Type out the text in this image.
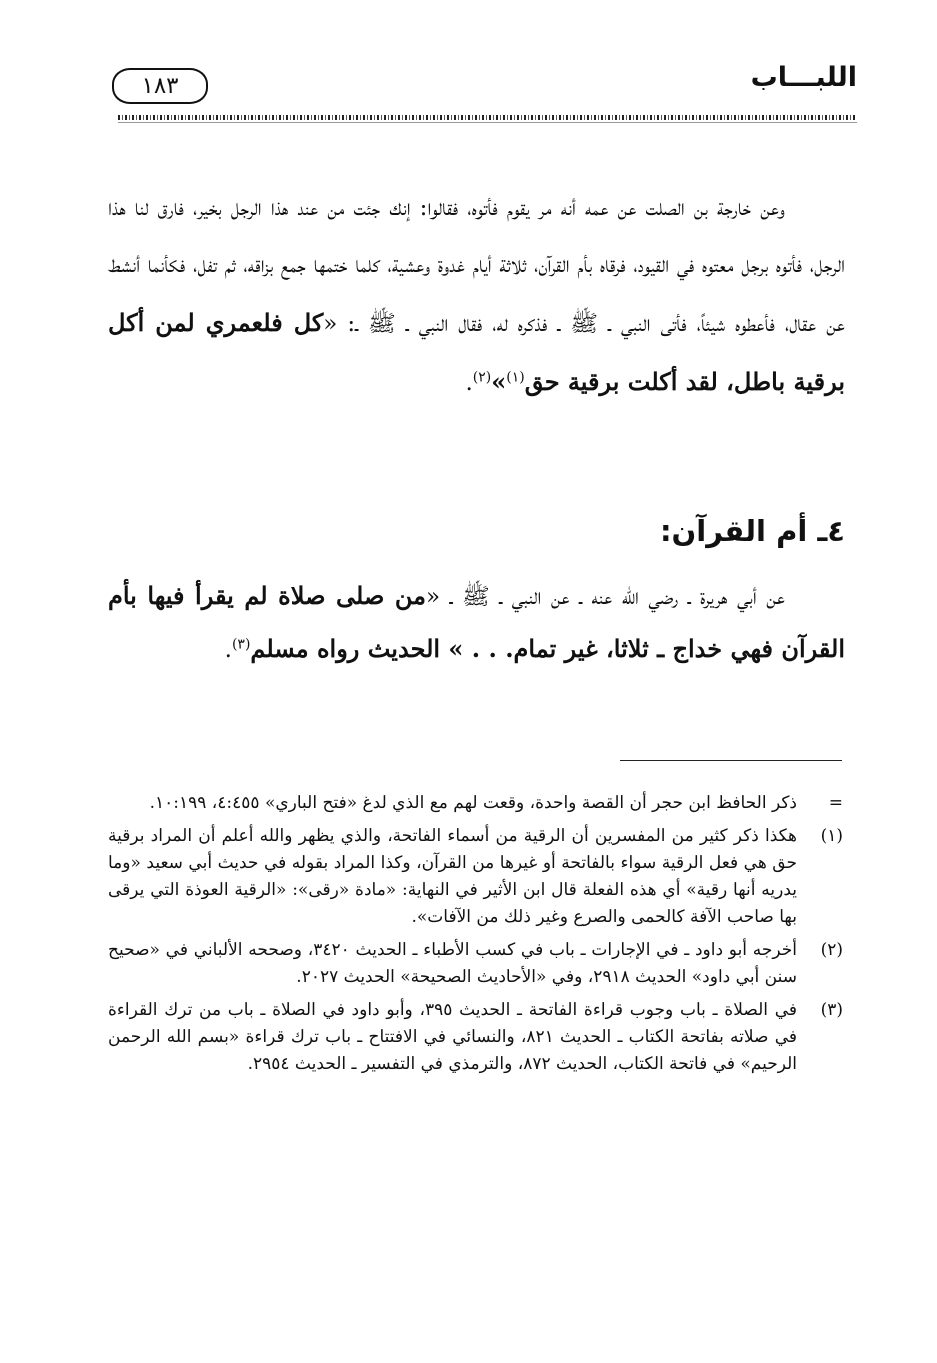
اللبـــاب
١٨٣

وعن خارجة بن الصلت عن عمه أنه مر يقوم فأتوه، فقالوا: إنك جئت من عند هذا الرجل بخير، فارق لنا هذا الرجل، فأتوه برجل معتوه في القيود، فرقاه بأم القرآن، ثلاثة أيام غدوة وعشية، كلما ختمها جمع بزاقه، ثم تفل، فكأنما أنشط عن عقال، فأعطوه شيئاً، فأتى النبي ـ ﷺ ـ فذكره له، فقال النبي ـ ﷺ ـ: «كل فلعمري لمن أكل برقية باطل، لقد أكلت برقية حق$^{(١)}$»$^{(٢)}$.

٤ـ أم القرآن:

عن أبي هريرة ـ رضي الله عنه ـ عن النبي ـ ﷺ ـ «من صلى صلاة لم يقرأ فيها بأم القرآن فهي خداج ـ ثلاثا، غير تمام. . . » الحديث رواه مسلم$^{(٣)}$.

=
ذكر الحافظ ابن حجر أن القصة واحدة، وقعت لهم مع الذي لدغ «فتح الباري» ٤:٤٥٥، ١٠:١٩٩.
(١)
هكذا ذكر كثير من المفسرين أن الرقية من أسماء الفاتحة، والذي يظهر والله أعلم أن المراد برقية حق هي فعل الرقية سواء بالفاتحة أو غيرها من القرآن، وكذا المراد بقوله في حديث أبي سعيد «وما يدريه أنها رقية» أي هذه الفعلة قال ابن الأثير في النهاية: «مادة «رقى»: «الرقية العوذة التي يرقى بها صاحب الآفة كالحمى والصرع وغير ذلك من الآفات».
(٢)
أخرجه أبو داود ـ في الإجارات ـ باب في كسب الأطباء ـ الحديث ٣٤٢٠، وصححه الألباني في «صحيح سنن أبي داود» الحديث ٢٩١٨، وفي «الأحاديث الصحيحة» الحديث ٢٠٢٧.
(٣)
في الصلاة ـ باب وجوب قراءة الفاتحة ـ الحديث ٣٩٥، وأبو داود في الصلاة ـ باب من ترك القراءة في صلاته بفاتحة الكتاب ـ الحديث ٨٢١، والنسائي في الافتتاح ـ باب ترك قراءة «بسم الله الرحمن الرحيم» في فاتحة الكتاب، الحديث ٨٧٢، والترمذي في التفسير ـ الحديث ٢٩٥٤.
